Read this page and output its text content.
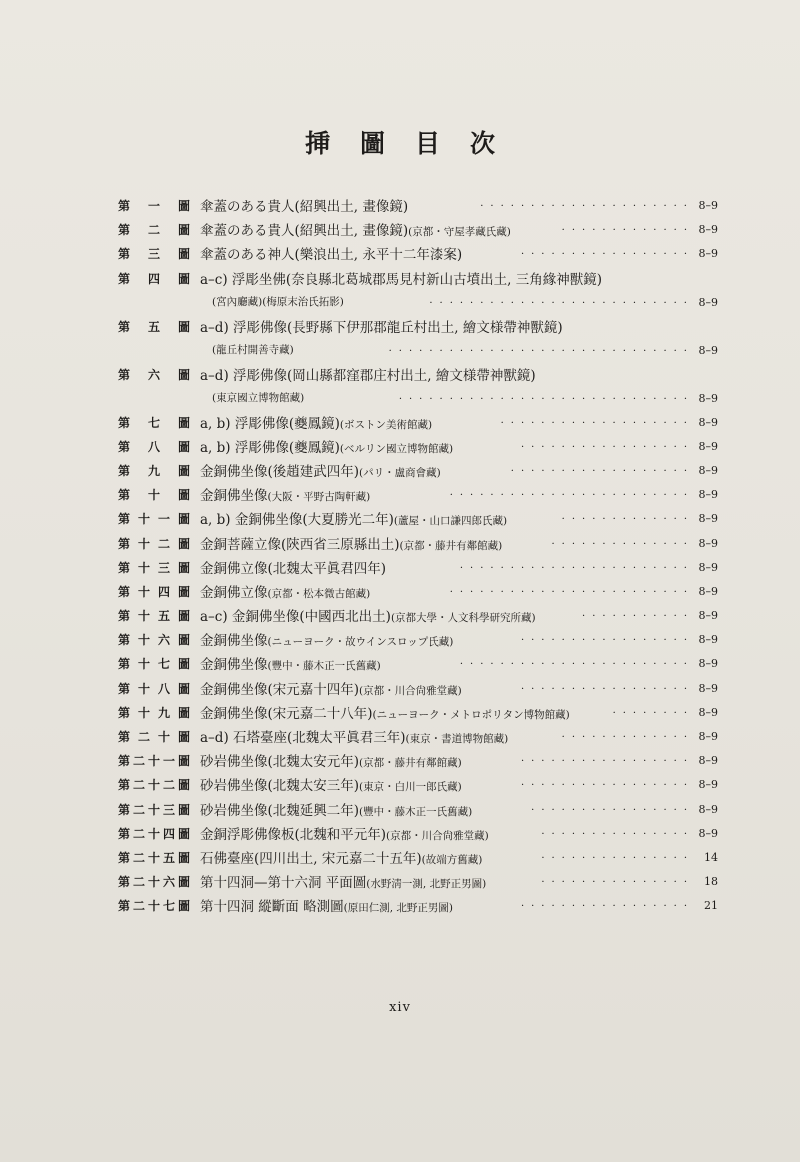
挿圖目次
第 一 圖 傘蓋のある貴人(紹興出土, 畫像鏡)	····················· 8–9
第 二 圖 傘蓋のある貴人(紹興出土, 畫像鏡)(京都・守屋孝藏氏藏)	············· 8–9
第 三 圖 傘蓋のある神人(樂浪出土, 永平十二年漆案)	················· 8–9
第 四 圖 a–c) 浮彫坐佛(奈良縣北葛城郡馬見村新山古墳出土, 三角緣神獸鏡)
(宮內廳藏)(梅原末治氏拓影)	·························· 8–9
第 五 圖 a–d) 浮彫佛像(長野縣下伊那郡龍丘村出土, 繪文様帶神獸鏡)
(龍丘村開善寺藏)	······························ 8–9
第 六 圖 a–d) 浮彫佛像(岡山縣都窪郡庄村出土, 繪文様帶神獸鏡)
(東京國立博物館藏)	····························· 8–9
第 七 圖 a, b) 浮彫佛像(夔鳳鏡)(ボストン美術館藏)	··················· 8–9
第 八 圖 a, b) 浮彫佛像(夔鳳鏡)(ベルリン國立博物館藏)	················· 8–9
第 九 圖 金銅佛坐像(後趙建武四年)(パリ・盧商會藏)	·················· 8–9
第 十 圖 金銅佛坐像(大阪・平野古陶軒藏)	························ 8–9
第 十 一 圖 a, b) 金銅佛坐像(大夏勝光二年)(蘆屋・山口謙四郎氏藏)	············· 8–9
第 十 二 圖 金銅菩薩立像(陝西省三原縣出土)(京都・藤井有鄰館藏)	·············· 8–9
第 十 三 圖 金銅佛立像(北魏太平眞君四年)	······················· 8–9
第 十 四 圖 金銅佛立像(京都・松本微古館藏)	························ 8–9
第 十 五 圖 a–c) 金銅佛坐像(中國西北出土)(京都大學・人文科學研究所藏)	··········· 8–9
第 十 六 圖 金銅佛坐像(ニューヨーク・故ウインスロップ氏藏)	················· 8–9
第 十 七 圖 金銅佛坐像(豐中・藤木正一氏舊藏)	······················· 8–9
第 十 八 圖 金銅佛坐像(宋元嘉十四年)(京都・川合尙雅堂藏)	················· 8–9
第 十 九 圖 金銅佛坐像(宋元嘉二十八年)(ニューヨーク・メトロポリタン博物館藏)	········ 8–9
第 二 十 圖 a–d) 石塔臺座(北魏太平眞君三年)(東京・書道博物館藏)	············· 8–9
第 二 十 一 圖 砂岩佛坐像(北魏太安元年)(京都・藤井有鄰館藏)	················· 8–9
第 二 十 二 圖 砂岩佛坐像(北魏太安三年)(東京・白川一郎氏藏)	················· 8–9
第 二 十 三 圖 砂岩佛坐像(北魏延興二年)(豐中・藤木正一氏舊藏)	················ 8–9
第 二 十 四 圖 金銅浮彫佛像板(北魏和平元年)(京都・川合尙雅堂藏)	··············· 8–9
第 二 十 五 圖 石佛臺座(四川出土, 宋元嘉二十五年)(故端方舊藏)	··············· 14
第 二 十 六 圖 第十四洞—第十六洞 平面圖(水野淸一測, 北野正男圖)	··············· 18
第 二 十 七 圖 第十四洞 縱斷面 略測圖(原田仁測, 北野正男圖)	················· 21
xiv
